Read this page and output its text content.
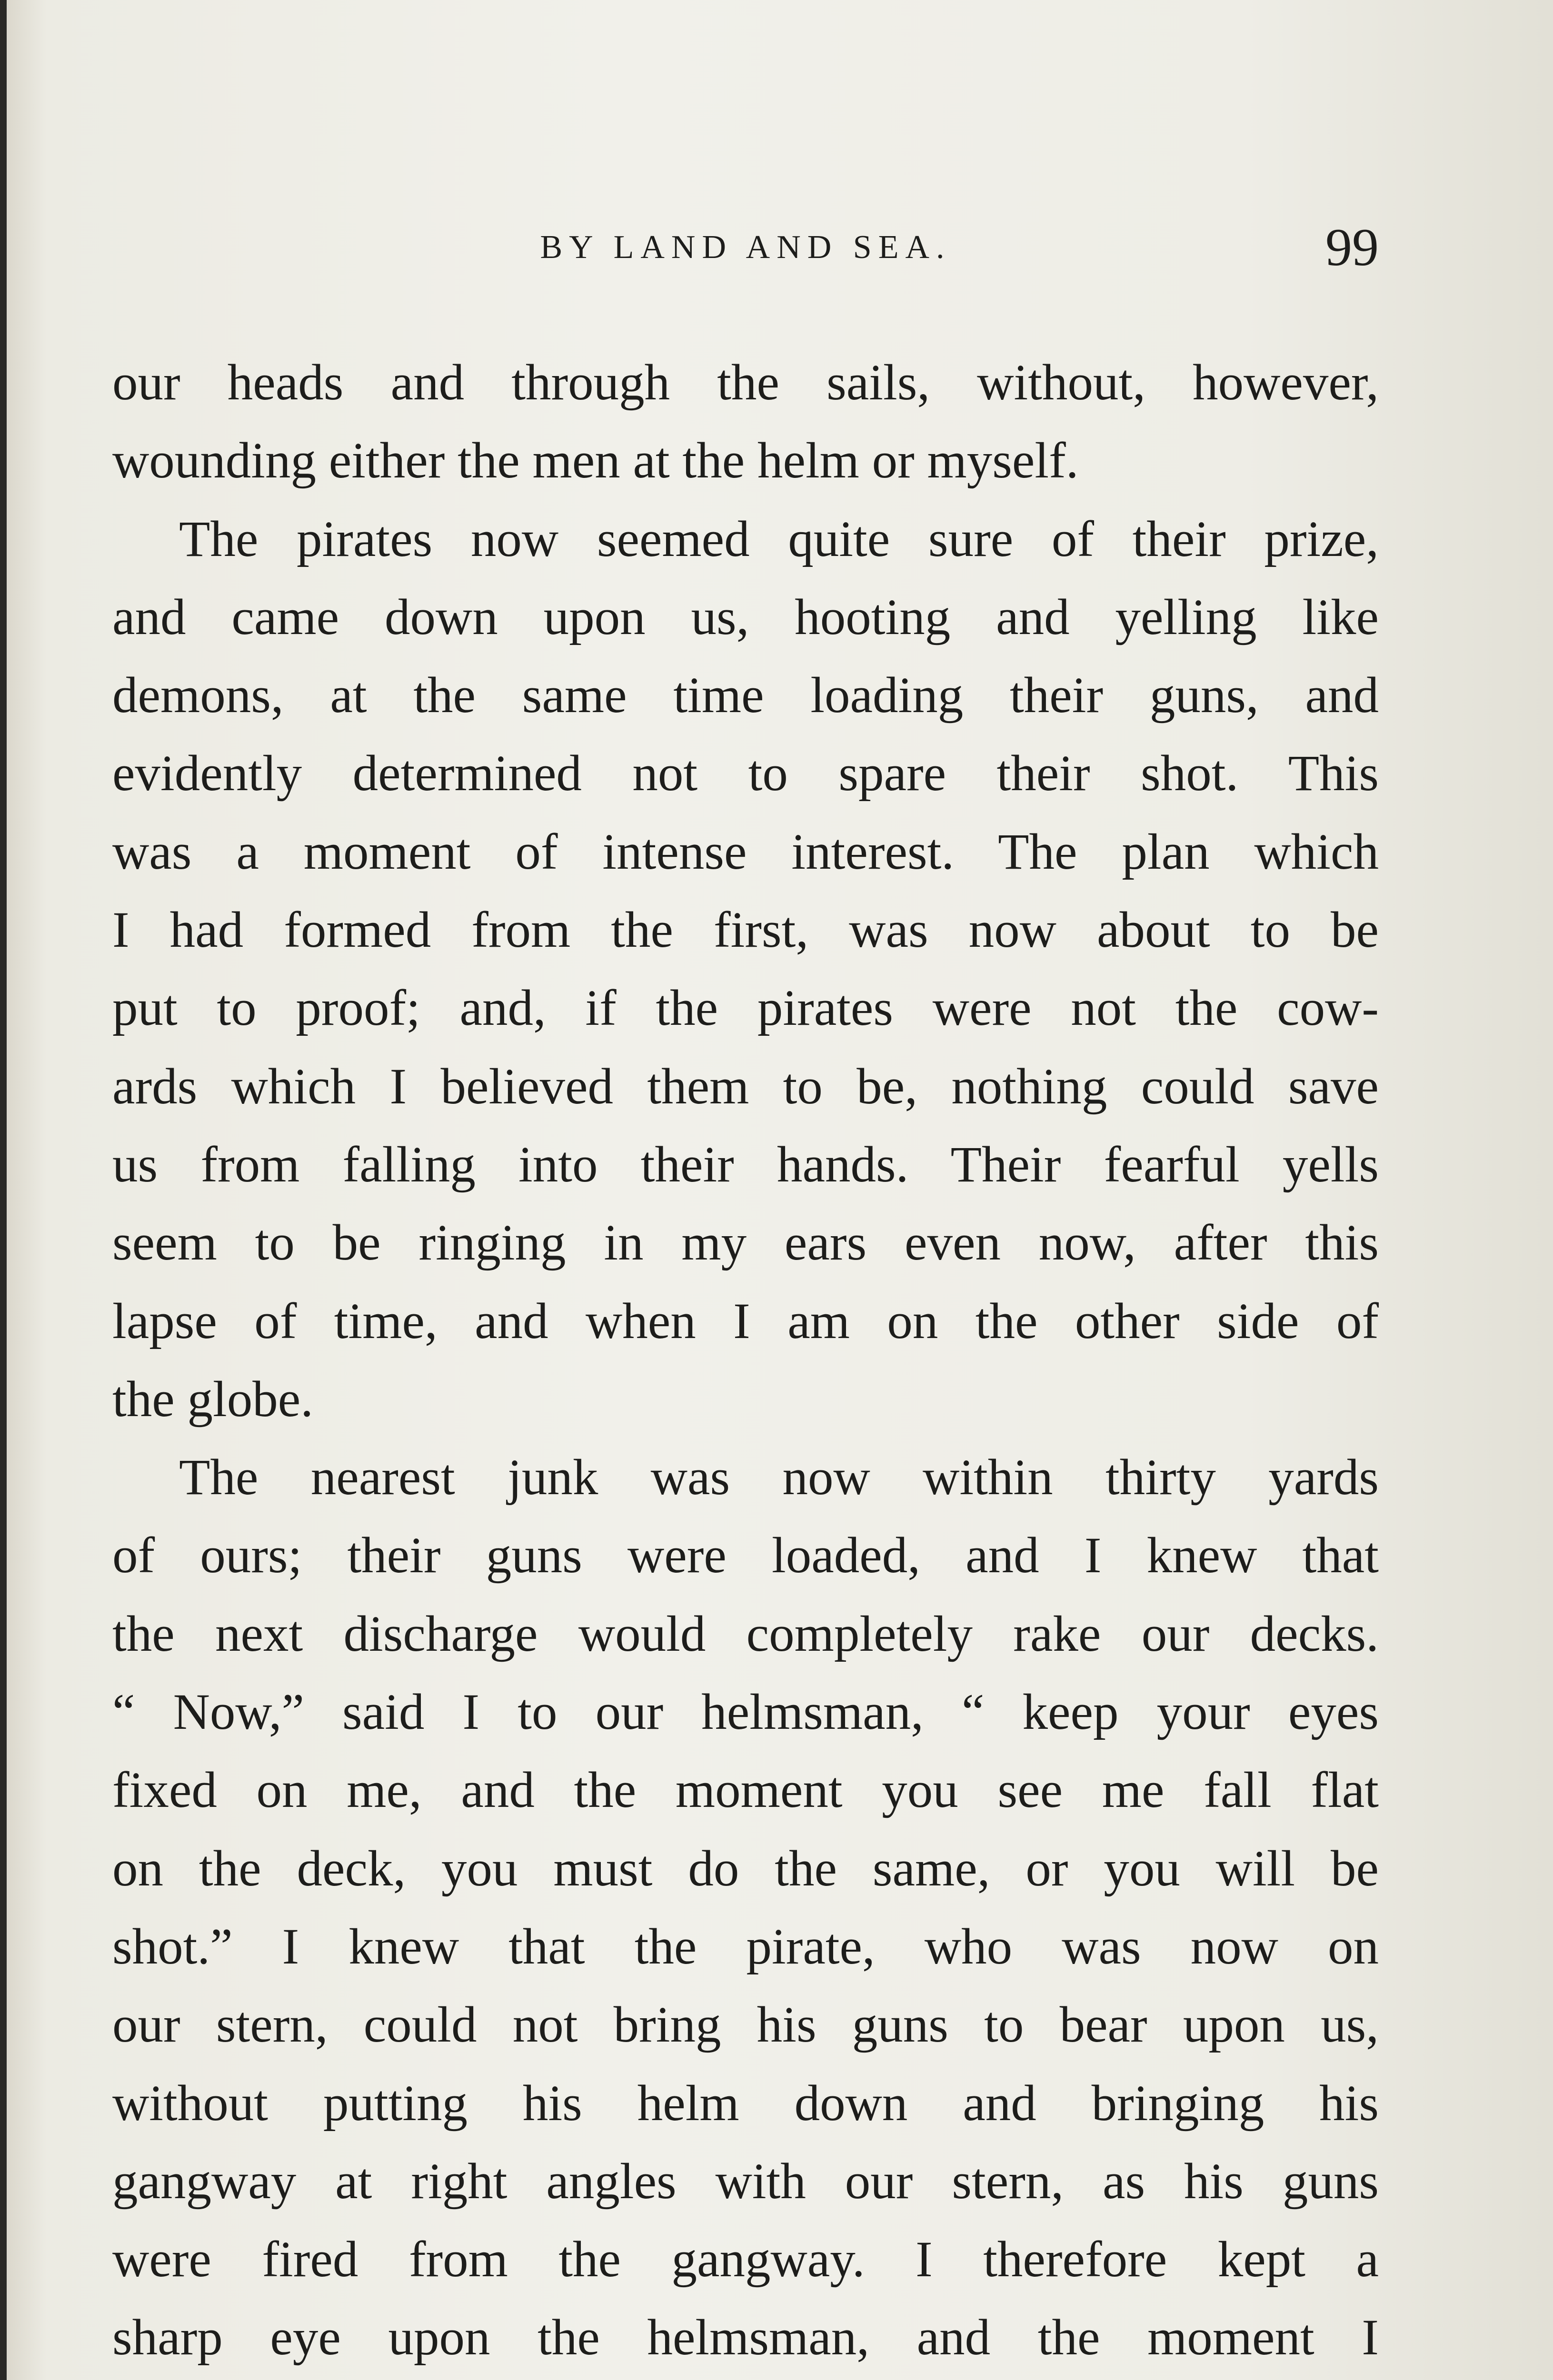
BY LAND AND SEA.	99
our heads and through the sails, without, however,
wounding either the men at the helm or myself.
The pirates now seemed quite sure of their prize,
and came down upon us, hooting and yelling like
demons, at the same time loading their guns, and
evidently determined not to spare their shot. This
was a moment of intense interest. The plan which
I had formed from the first, was now about to be
put to proof; and, if the pirates were not the cow-
ards which I believed them to be, nothing could save
us from falling into their hands. Their fearful yells
seem to be ringing in my ears even now, after this
lapse of time, and when I am on the other side of
the globe.
The nearest junk was now within thirty yards
of ours; their guns were loaded, and I knew that
the next discharge would completely rake our decks.
“ Now,” said I to our helmsman, “ keep your eyes
fixed on me, and the moment you see me fall flat
on the deck, you must do the same, or you will be
shot.” I knew that the pirate, who was now on
our stern, could not bring his guns to bear upon us,
without putting his helm down and bringing his
gangway at right angles with our stern, as his guns
were fired from the gangway. I therefore kept a
sharp eye upon the helmsman, and the moment I
